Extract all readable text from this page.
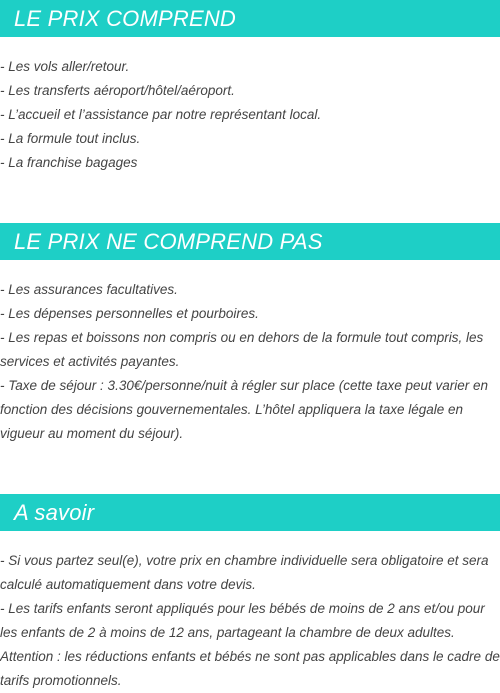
LE PRIX COMPREND
- Les vols aller/retour.
- Les transferts aéroport/hôtel/aéroport.
- L’accueil et l’assistance par notre représentant local.
- La formule tout inclus.
- La franchise bagages
LE PRIX NE COMPREND PAS
- Les assurances facultatives.
- Les dépenses personnelles et pourboires.
- Les repas et boissons non compris ou en dehors de la formule tout compris, les services et activités payantes.
- Taxe de séjour : 3.30€/personne/nuit à régler sur place (cette taxe peut varier en fonction des décisions gouvernementales. L’hôtel appliquera la taxe légale en vigueur au moment du séjour).
A savoir
- Si vous partez seul(e), votre prix en chambre individuelle sera obligatoire et sera calculé automatiquement dans votre devis.
- Les tarifs enfants seront appliqués pour les bébés de moins de 2 ans et/ou pour les enfants de 2 à moins de 12 ans, partageant la chambre de deux adultes.
Attention : les réductions enfants et bébés ne sont pas applicables dans le cadre de tarifs promotionnels.
